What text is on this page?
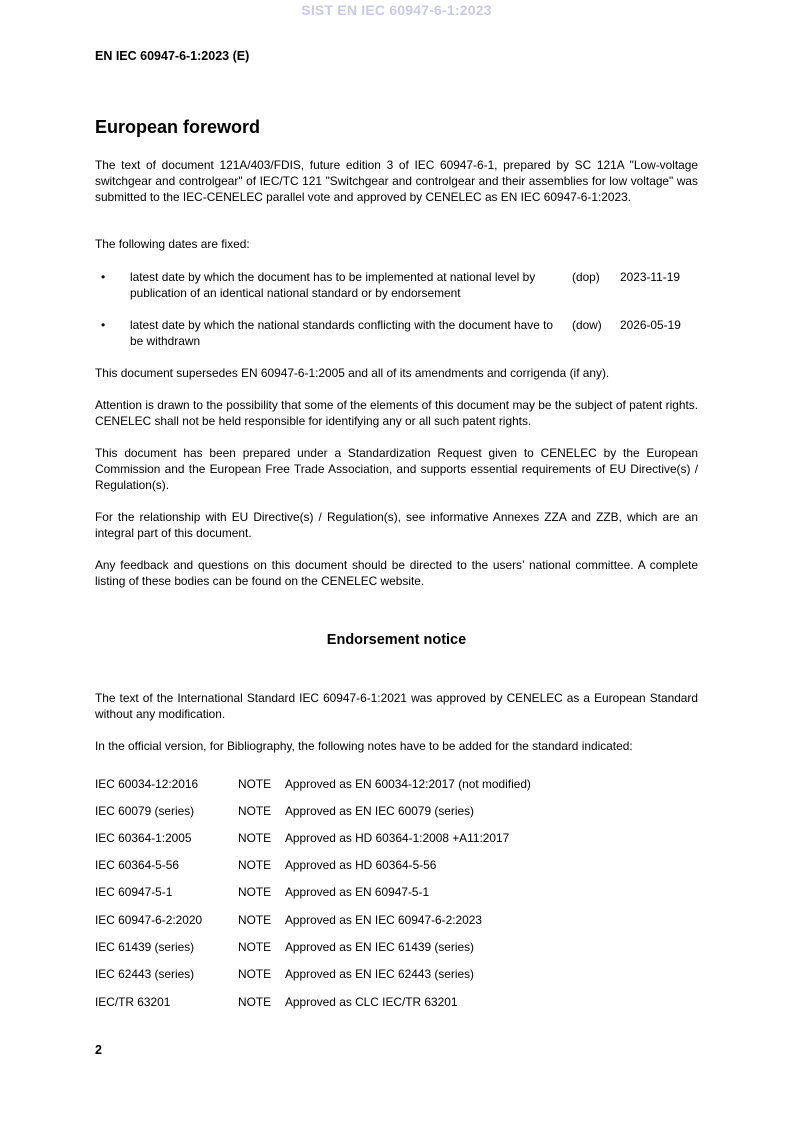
SIST EN IEC 60947-6-1:2023
EN IEC 60947-6-1:2023 (E)
European foreword

The text of document 121A/403/FDIS, future edition 3 of IEC 60947-6-1, prepared by SC 121A "Low-voltage switchgear and controlgear" of IEC/TC 121 "Switchgear and controlgear and their assemblies for low voltage" was submitted to the IEC-CENELEC parallel vote and approved by CENELEC as EN IEC 60947-6-1:2023.

The following dates are fixed:

• latest date by which the document has to be implemented at national level by publication of an identical national standard or by endorsement
(dop) 2023-11-19
• latest date by which the national standards conflicting with the document have to be withdrawn
(dow) 2026-05-19

This document supersedes EN 60947-6-1:2005 and all of its amendments and corrigenda (if any).

Attention is drawn to the possibility that some of the elements of this document may be the subject of patent rights. CENELEC shall not be held responsible for identifying any or all such patent rights.

This document has been prepared under a Standardization Request given to CENELEC by the European Commission and the European Free Trade Association, and supports essential requirements of EU Directive(s) / Regulation(s).

For the relationship with EU Directive(s) / Regulation(s), see informative Annexes ZZA and ZZB, which are an integral part of this document.

Any feedback and questions on this document should be directed to the users’ national committee. A complete listing of these bodies can be found on the CENELEC website.

Endorsement notice

The text of the International Standard IEC 60947-6-1:2021 was approved by CENELEC as a European Standard without any modification.

In the official version, for Bibliography, the following notes have to be added for the standard indicated:

IEC 60034-12:2016	NOTE Approved as EN 60034-12:2017 (not modified)
IEC 60079 (series)	NOTE Approved as EN IEC 60079 (series)
IEC 60364-1:2005	NOTE Approved as HD 60364-1:2008 +A11:2017
IEC 60364-5-56	NOTE Approved as HD 60364-5-56
IEC 60947-5-1	NOTE Approved as EN 60947-5-1
IEC 60947-6-2:2020	NOTE Approved as EN IEC 60947-6-2:2023
IEC 61439 (series)	NOTE Approved as EN IEC 61439 (series)
IEC 62443 (series)	NOTE Approved as EN IEC 62443 (series)
IEC/TR 63201	NOTE Approved as CLC IEC/TR 63201
2
